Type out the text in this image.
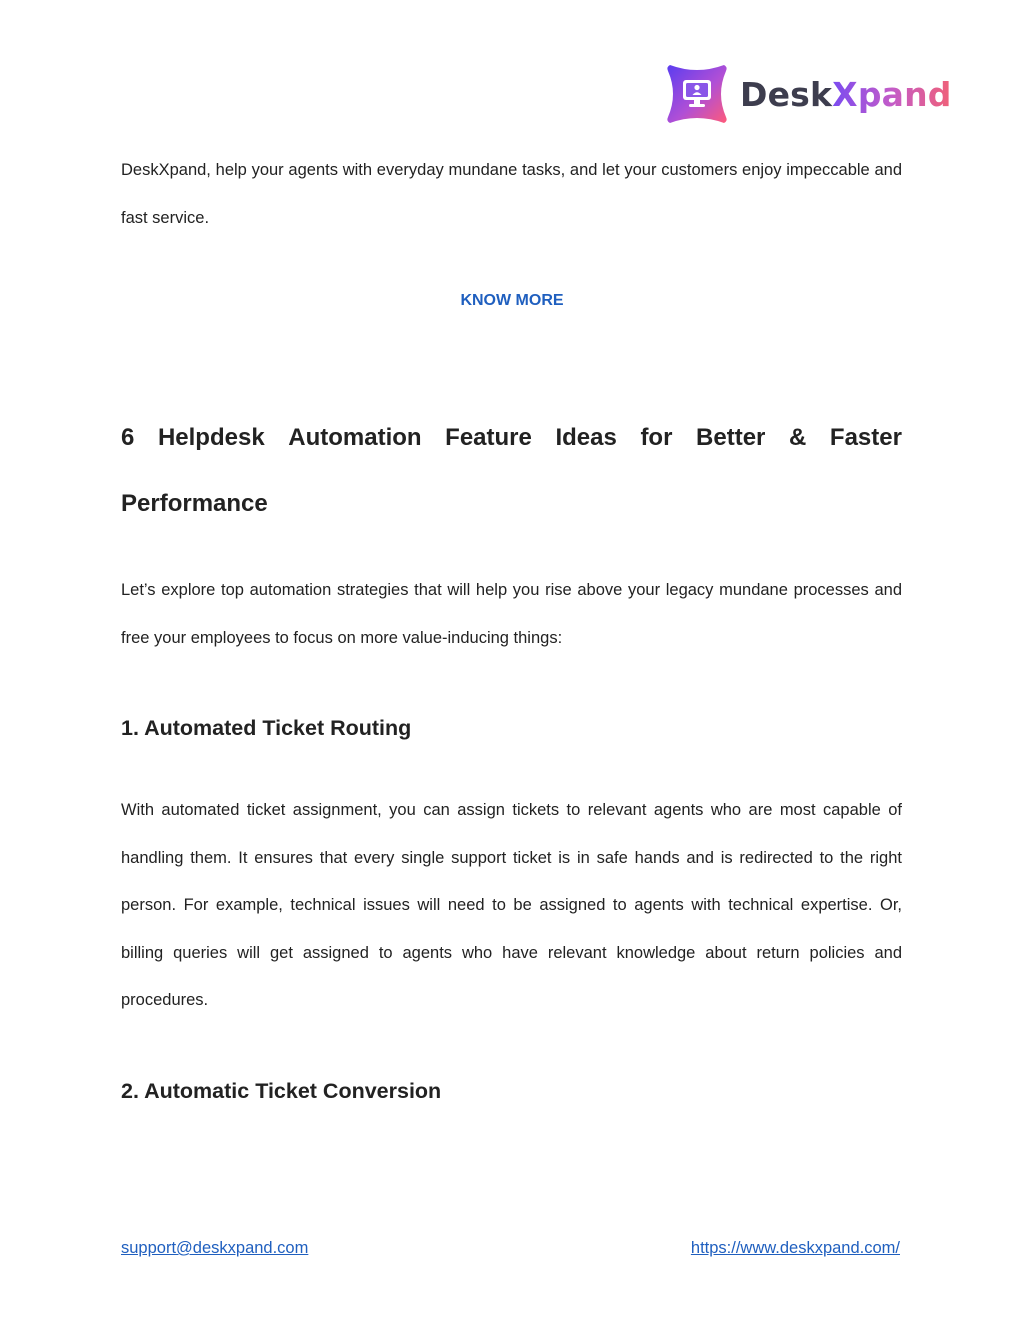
DeskXpand

DeskXpand, help your agents with everyday mundane tasks, and let your customers enjoy impeccable and fast service.

KNOW MORE
6 Helpdesk Automation Feature Ideas for Better & Faster
Performance

Let’s explore top automation strategies that will help you rise above your legacy mundane processes and free your employees to focus on more value-inducing things:

1. Automated Ticket Routing

With automated ticket assignment, you can assign tickets to relevant agents who are most capable of handling them. It ensures that every single support ticket is in safe hands and is redirected to the right person. For example, technical issues will need to be assigned to agents with technical expertise. Or, billing queries will get assigned to agents who have relevant knowledge about return policies and procedures.

2. Automatic Ticket Conversion
support@deskxpand.com	https://www.deskxpand.com/
